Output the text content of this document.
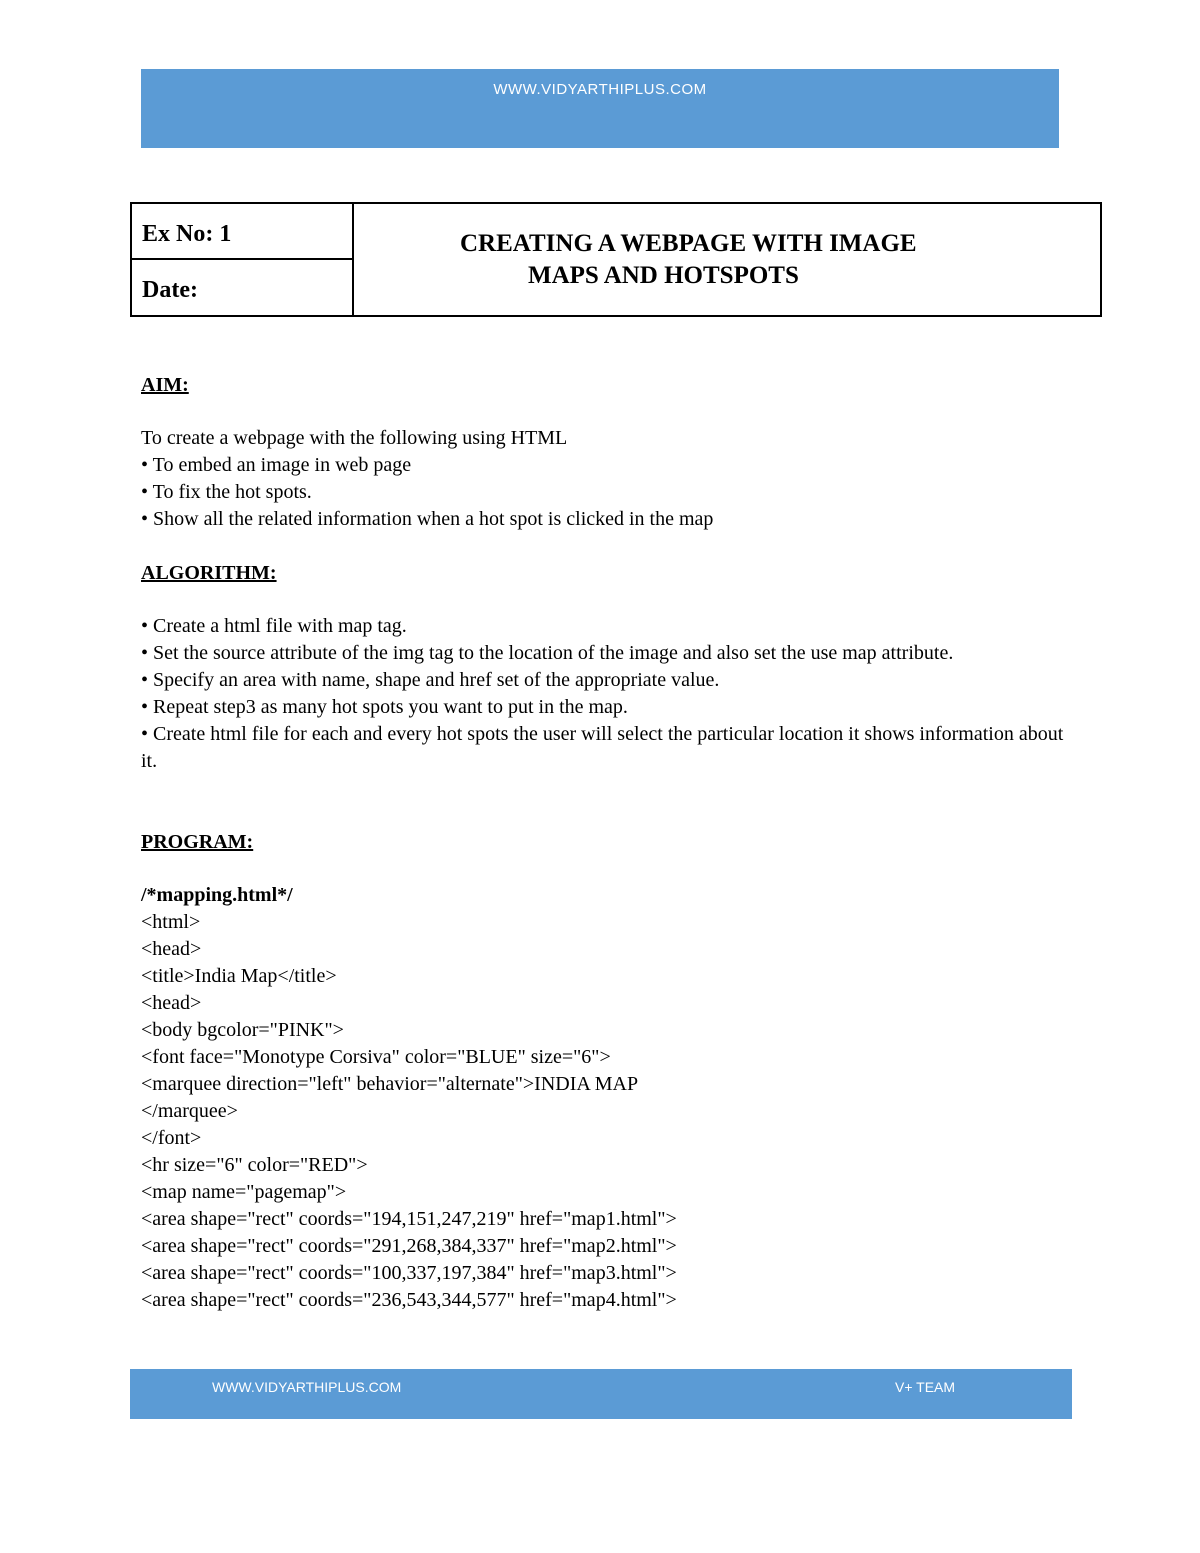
WWW.VIDYARTHIPLUS.COM
Ex No: 1
Date:
CREATING A WEBPAGE WITH IMAGE
MAPS AND HOTSPOTS

AIM:

To create a webpage with the following using HTML

• To embed an image in web page

• To fix the hot spots.

• Show all the related information when a hot spot is clicked in the map

ALGORITHM:

• Create a html file with map tag.

• Set the source attribute of the img tag to the location of the image and also set the use map attribute.

• Specify an area with name, shape and href set of the appropriate value.

• Repeat step3 as many hot spots you want to put in the map.

• Create html file for each and every hot spots the user will select the particular location it shows information about it.

PROGRAM:

/*mapping.html*/

<html>

<head>

<title>India Map</title>

<head>

<body bgcolor="PINK">

<font face="Monotype Corsiva" color="BLUE" size="6">

<marquee direction="left" behavior="alternate">INDIA MAP

</marquee>

</font>

<hr size="6" color="RED">

<map name="pagemap">

<area shape="rect" coords="194,151,247,219" href="map1.html">

<area shape="rect" coords="291,268,384,337" href="map2.html">

<area shape="rect" coords="100,337,197,384" href="map3.html">

<area shape="rect" coords="236,543,344,577" href="map4.html">

WWW.VIDYARTHIPLUS.COM	V+ TEAM
